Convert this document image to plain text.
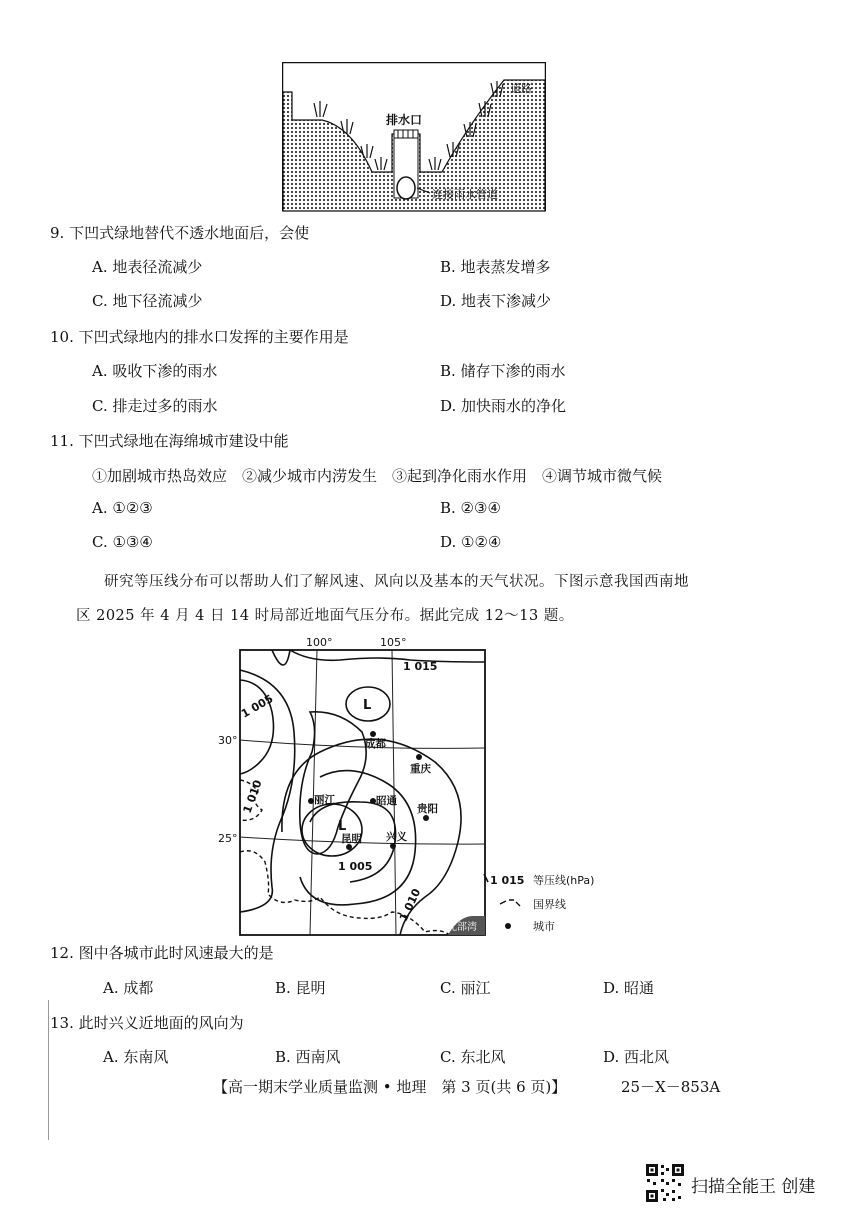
排水口
道路
连接雨水管道
9. 下凹式绿地替代不透水地面后，会使
A. 地表径流减少	B. 地表蒸发增多
C. 地下径流减少	D. 地表下渗减少
10. 下凹式绿地内的排水口发挥的主要作用是
A. 吸收下渗的雨水	B. 储存下渗的雨水
C. 排走过多的雨水	D. 加快雨水的净化
11. 下凹式绿地在海绵城市建设中能
①加剧城市热岛效应　②减少城市内涝发生　③起到净化雨水作用　④调节城市微气候
A. ①②③	B. ②③④
C. ①③④	D. ①②④
研究等压线分布可以帮助人们了解风速、风向以及基本的天气状况。下图示意我国西南地
区 2025 年 4 月 4 日 14 时局部近地面气压分布。据此完成 12～13 题。
北部湾
100°	105°
30°
25°
1 015
1 005
1 010
1 005
1 010
L
L
成都
重庆
丽江	昭通
贵阳
昆明 兴义
1 015 等压线(hPa)
国界线
城市
12. 图中各城市此时风速最大的是
A. 成都	B. 昆明	C. 丽江	D. 昭通
13. 此时兴义近地面的风向为
A. 东南风	B. 西南风	C. 东北风	D. 西北风
【高一期末学业质量监测 • 地理　第 3 页(共 6 页)】	25－X－853A
扫描全能王 创建
